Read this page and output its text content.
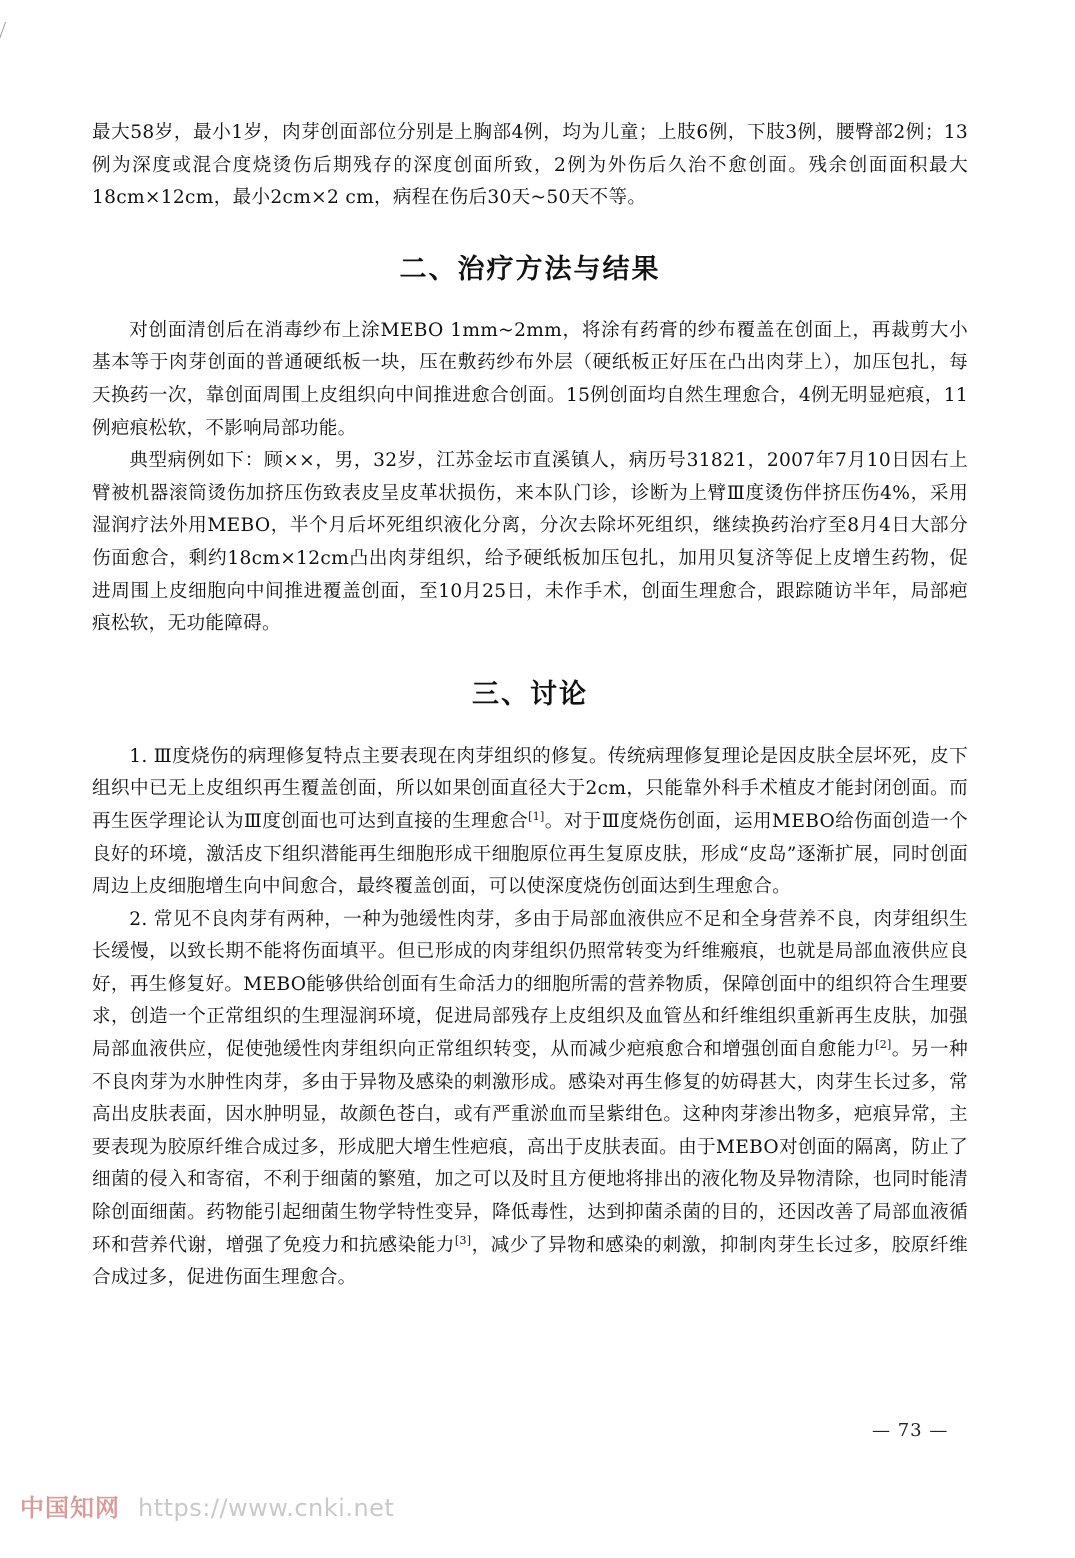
最大58岁，最小1岁，肉芽创面部位分别是上胸部4例，均为儿童；上肢6例，下肢3例，腰臀部2例；13例为深度或混合度烧烫伤后期残存的深度创面所致，2例为外伤后久治不愈创面。残余创面面积最大18cm×12cm，最小2cm×2 cm，病程在伤后30天~50天不等。

二、治疗方法与结果

对创面清创后在消毒纱布上涂MEBO 1mm~2mm，将涂有药膏的纱布覆盖在创面上，再裁剪大小基本等于肉芽创面的普通硬纸板一块，压在敷药纱布外层（硬纸板正好压在凸出肉芽上），加压包扎，每天换药一次，靠创面周围上皮组织向中间推进愈合创面。15例创面均自然生理愈合，4例无明显疤痕，11例疤痕松软，不影响局部功能。

典型病例如下：顾××，男，32岁，江苏金坛市直溪镇人，病历号31821，2007年7月10日因右上臂被机器滚筒烫伤加挤压伤致表皮呈皮革状损伤，来本队门诊，诊断为上臂Ⅲ度烫伤伴挤压伤4%，采用湿润疗法外用MEBO，半个月后坏死组织液化分离，分次去除坏死组织，继续换药治疗至8月4日大部分伤面愈合，剩约18cm×12cm凸出肉芽组织，给予硬纸板加压包扎，加用贝复济等促上皮增生药物，促进周围上皮细胞向中间推进覆盖创面，至10月25日，未作手术，创面生理愈合，跟踪随访半年，局部疤痕松软，无功能障碍。

三、讨论

1. Ⅲ度烧伤的病理修复特点主要表现在肉芽组织的修复。传统病理修复理论是因皮肤全层坏死，皮下组织中已无上皮组织再生覆盖创面，所以如果创面直径大于2cm，只能靠外科手术植皮才能封闭创面。而再生医学理论认为Ⅲ度创面也可达到直接的生理愈合[1]。对于Ⅲ度烧伤创面，运用MEBO给伤面创造一个良好的环境，激活皮下组织潜能再生细胞形成干细胞原位再生复原皮肤，形成“皮岛”逐渐扩展，同时创面周边上皮细胞增生向中间愈合，最终覆盖创面，可以使深度烧伤创面达到生理愈合。

2. 常见不良肉芽有两种，一种为弛缓性肉芽，多由于局部血液供应不足和全身营养不良，肉芽组织生长缓慢，以致长期不能将伤面填平。但已形成的肉芽组织仍照常转变为纤维瘢痕，也就是局部血液供应良好，再生修复好。MEBO能够供给创面有生命活力的细胞所需的营养物质，保障创面中的组织符合生理要求，创造一个正常组织的生理湿润环境，促进局部残存上皮组织及血管丛和纤维组织重新再生皮肤，加强局部血液供应，促使弛缓性肉芽组织向正常组织转变，从而减少疤痕愈合和增强创面自愈能力[2]。另一种不良肉芽为水肿性肉芽，多由于异物及感染的刺激形成。感染对再生修复的妨碍甚大，肉芽生长过多，常高出皮肤表面，因水肿明显，故颜色苍白，或有严重淤血而呈紫绀色。这种肉芽渗出物多，疤痕异常，主要表现为胶原纤维合成过多，形成肥大增生性疤痕，高出于皮肤表面。由于MEBO对创面的隔离，防止了细菌的侵入和寄宿，不利于细菌的繁殖，加之可以及时且方便地将排出的液化物及异物清除，也同时能清除创面细菌。药物能引起细菌生物学特性变异，降低毒性，达到抑菌杀菌的目的，还因改善了局部血液循环和营养代谢，增强了免疫力和抗感染能力[3]，减少了异物和感染的刺激，抑制肉芽生长过多，胶原纤维合成过多，促进伤面生理愈合。

— 73 —
中国知网 https://www.cnki.net
